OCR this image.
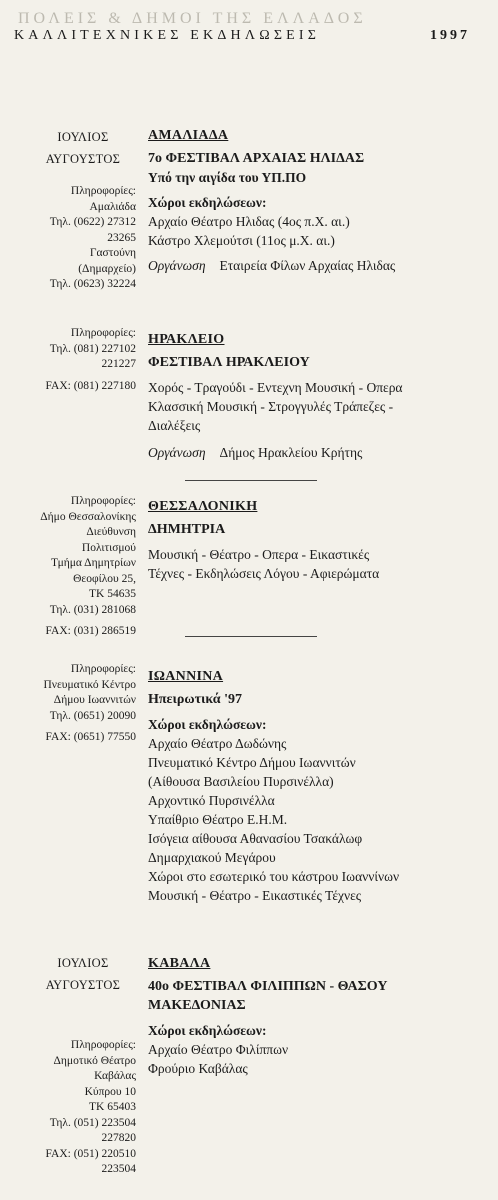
ΠΟΛΕΙΣ & ΔΗΜΟΙ ΤΗΣ ΕΛΛΑΔΟΣ
ΚΑΛΛΙΤΕΧΝΙΚΕΣ ΕΚΔΗΛΩΣΕΙΣ	1997
ΙΟΥΛΙΟΣ
ΑΥΓΟΥΣΤΟΣ
Πληροφορίες:
Αμαλιάδα
Τηλ. (0622) 27312
23265
Γαστούνη
(Δημαρχείο)
Τηλ. (0623) 32224
ΑΜΑΛΙΑΔΑ
7ο ΦΕΣΤΙΒΑΛ ΑΡΧΑΙΑΣ ΗΛΙΔΑΣ
Υπό την αιγίδα του ΥΠ.ΠΟ
Χώροι εκδηλώσεων:
Αρχαίο Θέατρο Ηλιδας (4ος π.Χ. αι.)
Κάστρο Χλεμούτσι (11ος μ.Χ. αι.)
Οργάνωση Εταιρεία Φίλων Αρχαίας Ηλιδας
Πληροφορίες:
Τηλ. (081) 227102
221227
FAX: (081) 227180
ΗΡΑΚΛΕΙΟ
ΦΕΣΤΙΒΑΛ ΗΡΑΚΛΕΙΟΥ
Χορός - Τραγούδι - Εντεχνη Μουσική - Οπερα
Κλασσική Μουσική - Στρογγυλές Τράπεζες -
Διαλέξεις
Οργάνωση Δήμος Ηρακλείου Κρήτης
Πληροφορίες:
Δήμο Θεσσαλονίκης
Διεύθυνση
Πολιτισμού
Τμήμα Δημητρίων
Θεοφίλου 25,
ΤΚ 54635
Τηλ. (031) 281068
FAX: (031) 286519
ΘΕΣΣΑΛΟΝΙΚΗ
ΔΗΜΗΤΡΙΑ
Μουσική - Θέατρο - Οπερα - Εικαστικές
Τέχνες - Εκδηλώσεις Λόγου - Αφιερώματα
Πληροφορίες:
Πνευματικό Κέντρο
Δήμου Ιωαννιτών
Τηλ. (0651) 20090
FAX: (0651) 77550
ΙΩΑΝΝΙΝΑ
Ηπειρωτικά '97
Χώροι εκδηλώσεων:
Αρχαίο Θέατρο Δωδώνης
Πνευματικό Κέντρο Δήμου Ιωαννιτών
(Αίθουσα Βασιλείου Πυρσινέλλα)
Αρχοντικό Πυρσινέλλα
Υπαίθριο Θέατρο Ε.Η.Μ.
Ισόγεια αίθουσα Αθανασίου Τσακάλωφ
Δημαρχιακού Μεγάρου
Χώροι στο εσωτερικό του κάστρου Ιωαννίνων
Μουσική - Θέατρο - Εικαστικές Τέχνες
ΙΟΥΛΙΟΣ
ΑΥΓΟΥΣΤΟΣ
Πληροφορίες:
Δημοτικό Θέατρο
Καβάλας
Κύπρου 10
ΤΚ 65403
Τηλ. (051) 223504
227820
FAX: (051) 220510
223504
ΚΑΒΑΛΑ
40ο ΦΕΣΤΙΒΑΛ ΦΙΛΙΠΠΩΝ - ΘΑΣΟΥ
ΜΑΚΕΔΟΝΙΑΣ
Χώροι εκδηλώσεων:
Αρχαίο Θέατρο Φιλίππων
Φρούριο Καβάλας
